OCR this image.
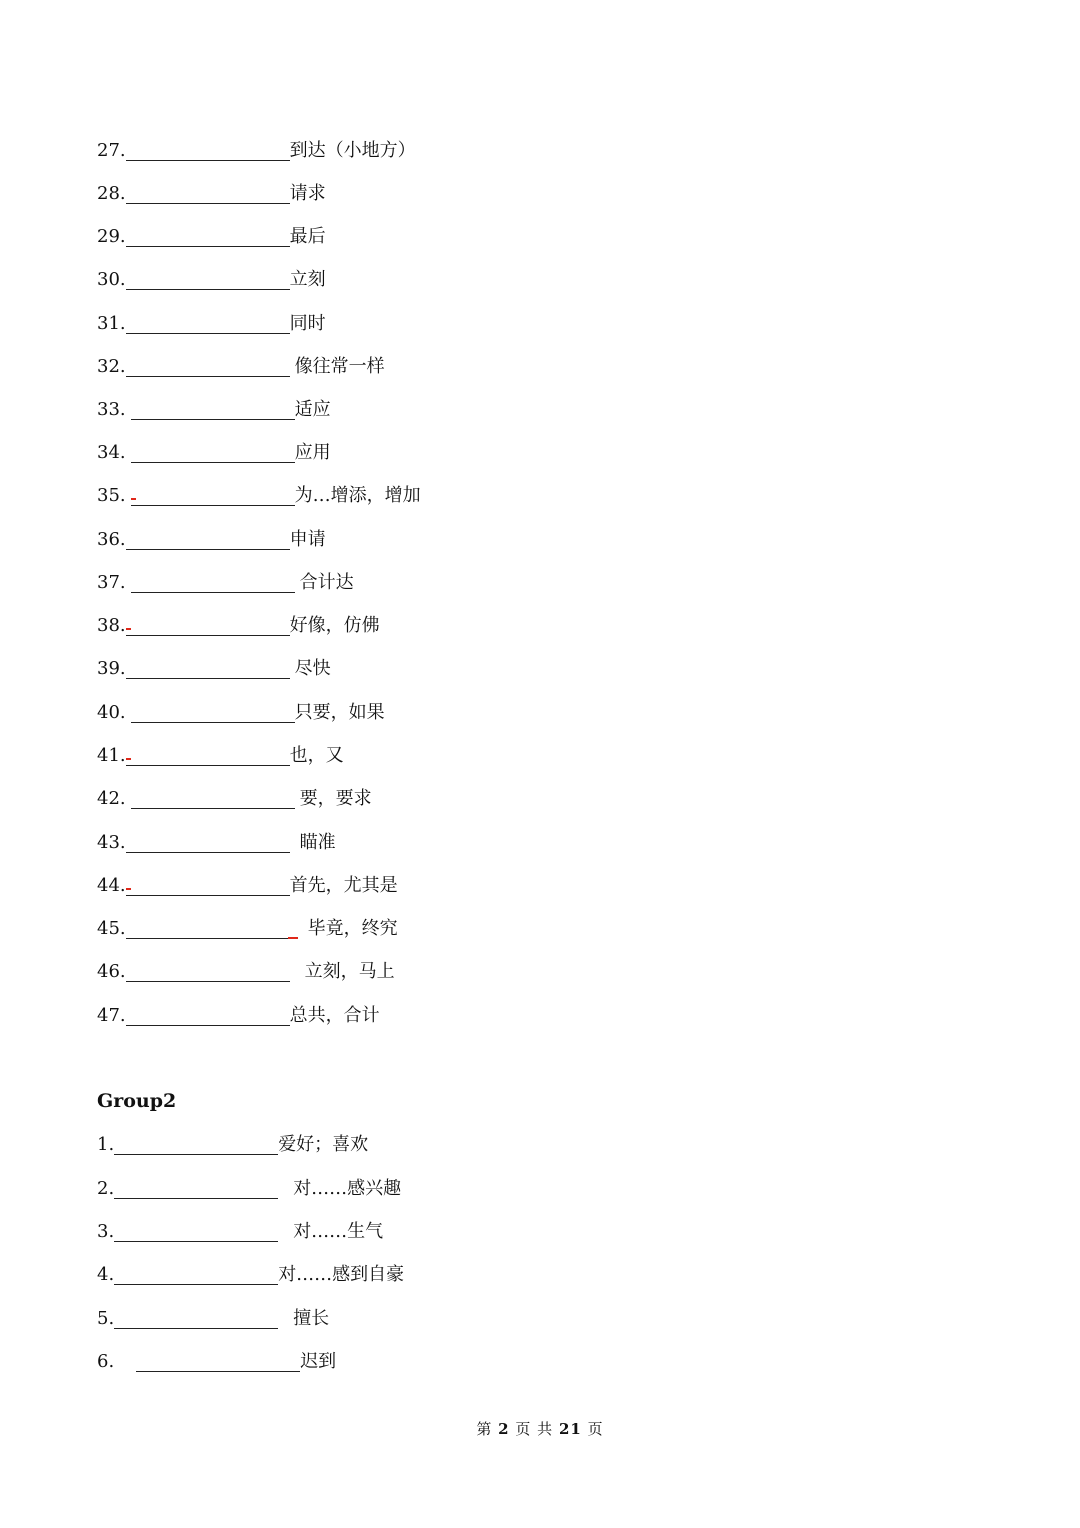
27.	到达（小地方）
28.	请求
29.	最后
30.	立刻
31.	同时
32.	像往常一样
33.	适应
34.	应用
35.	为…增添，增加
36.	申请
37.	合计达
38.	好像，仿佛
39.	尽快
40.	只要，如果
41.	也，又
42.	要，要求
43.	瞄准
44.	首先，尤其是
45.	毕竟，终究
46.	立刻，马上
47.	总共，合计
Group2
1.	爱好；喜欢
2.	对……感兴趣
3.	对……生气
4.	对……感到自豪
5.	擅长
6.	迟到
第 2 页 共 21 页
